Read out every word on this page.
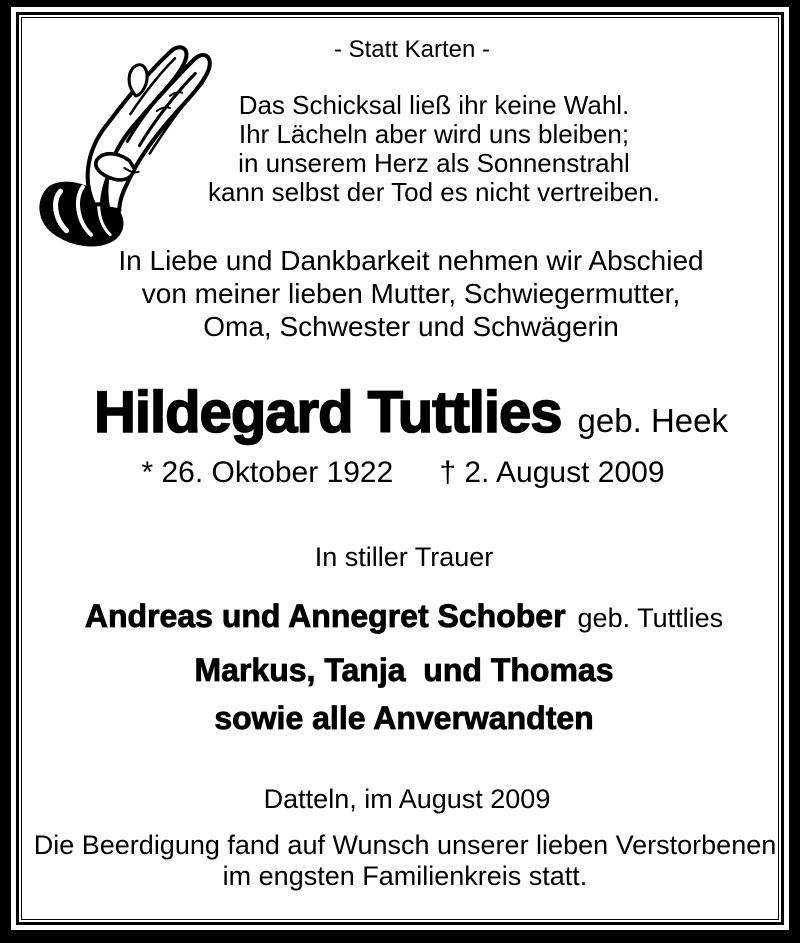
- Statt Karten -
Das Schicksal ließ ihr keine Wahl.
Ihr Lächeln aber wird uns bleiben;
in unserem Herz als Sonnenstrahl
kann selbst der Tod es nicht vertreiben.
In Liebe und Dankbarkeit nehmen wir Abschied
von meiner lieben Mutter, Schwiegermutter,
Oma, Schwester und Schwägerin
Hildegard Tuttlies geb. Heek
* 26. Oktober 1922 † 2. August 2009
In stiller Trauer
Andreas und Annegret Schober geb. Tuttlies
Markus, Tanja  und Thomas
sowie alle Anverwandten
Datteln, im August 2009
Die Beerdigung fand auf Wunsch unserer lieben Verstorbenen
im engsten Familienkreis statt.
